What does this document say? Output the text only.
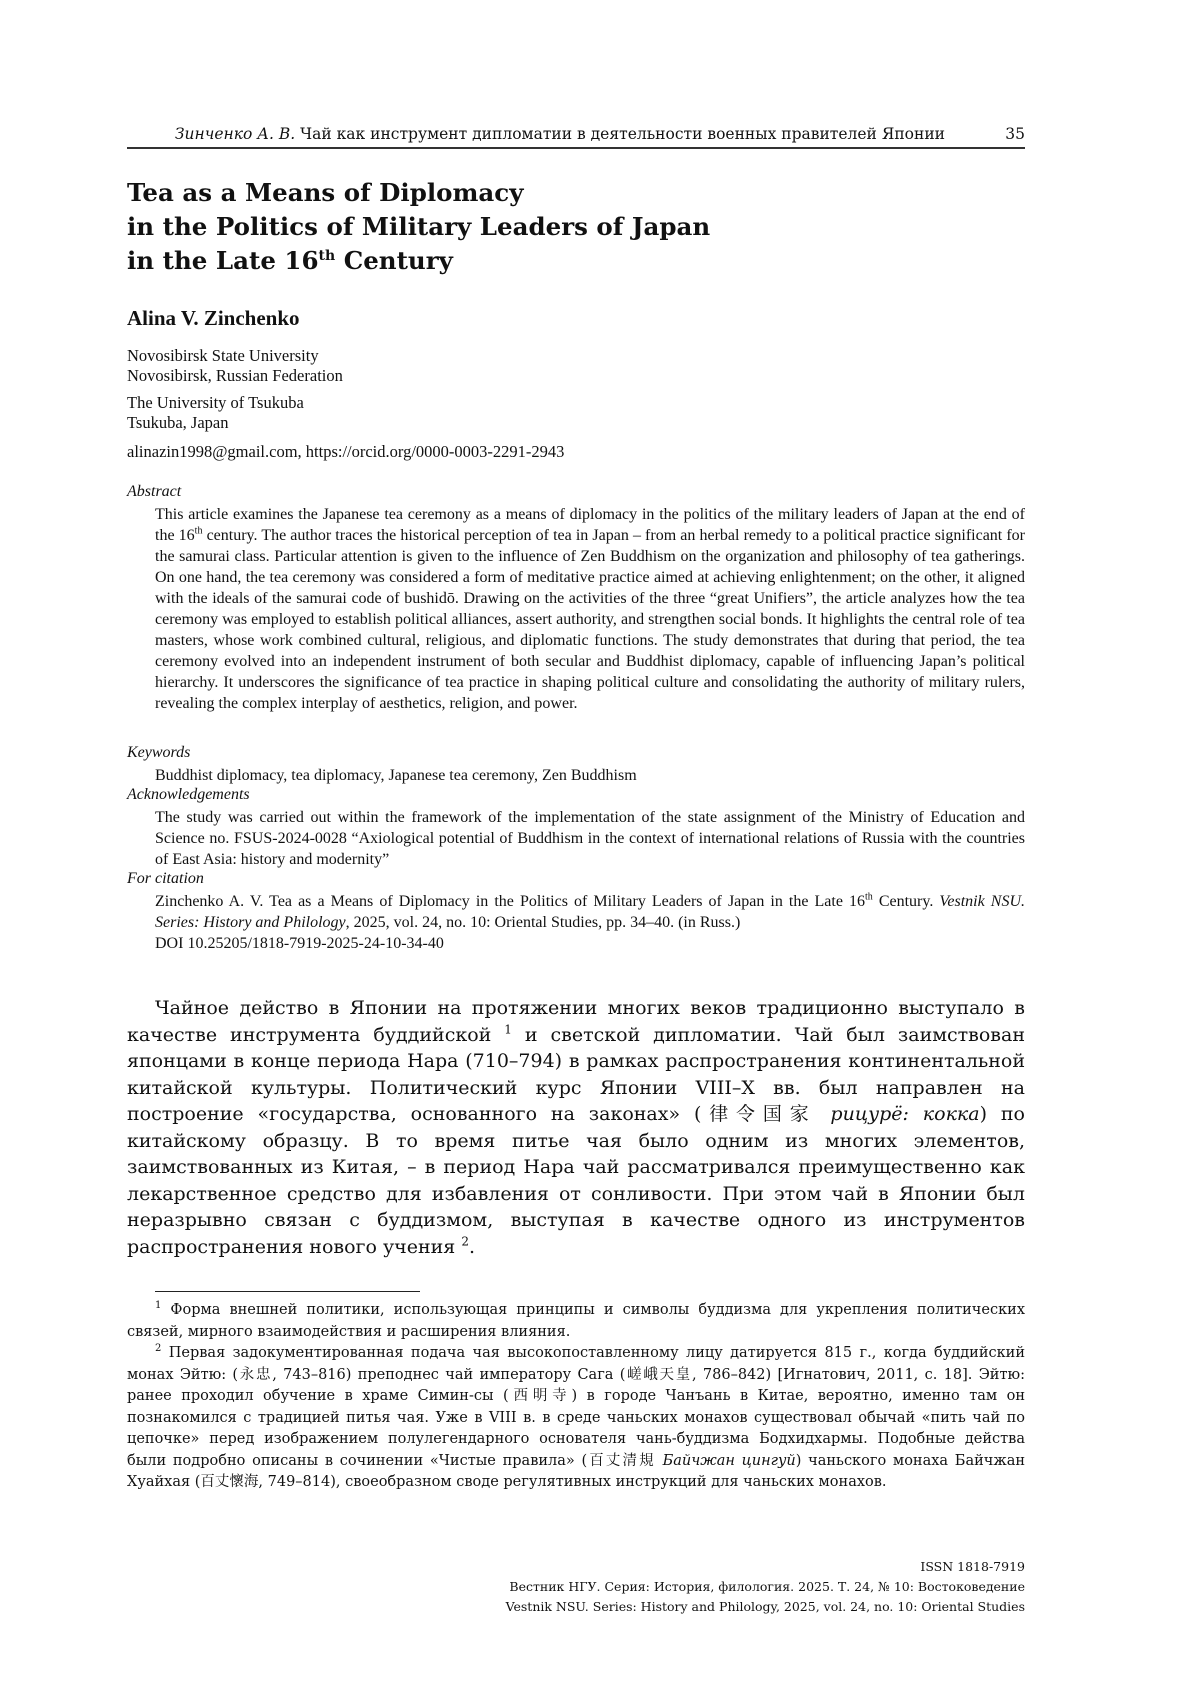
Зинченко А. В. Чай как инструмент дипломатии в деятельности военных правителей Японии	35
Tea as a Means of Diplomacy
in the Politics of Military Leaders of Japan
in the Late 16th Century
Alina V. Zinchenko
Novosibirsk State University
Novosibirsk, Russian Federation
The University of Tsukuba
Tsukuba, Japan
alinazin1998@gmail.com, https://orcid.org/0000-0003-2291-2943
Abstract
This article examines the Japanese tea ceremony as a means of diplomacy in the politics of the military leaders of Japan at the end of the 16th century. The author traces the historical perception of tea in Japan – from an herbal remedy to a political practice significant for the samurai class. Particular attention is given to the influence of Zen Buddhism on the organization and philosophy of tea gatherings. On one hand, the tea ceremony was considered a form of meditative practice aimed at achieving enlightenment; on the other, it aligned with the ideals of the samurai code of bushidō. Drawing on the activities of the three “great Unifiers”, the article analyzes how the tea ceremony was employed to establish political alliances, assert authority, and strengthen social bonds. It highlights the central role of tea masters, whose work combined cultural, religious, and diplomatic functions. The study demonstrates that during that period, the tea ceremony evolved into an independent instrument of both secular and Buddhist diplomacy, capable of influencing Japan’s political hierarchy. It underscores the significance of tea practice in shaping political culture and consolidating the authority of military rulers, revealing the complex interplay of aesthetics, religion, and power.
Keywords
Buddhist diplomacy, tea diplomacy, Japanese tea ceremony, Zen Buddhism
Acknowledgements
The study was carried out within the framework of the implementation of the state assignment of the Ministry of Education and Science no. FSUS-2024-0028 “Axiological potential of Buddhism in the context of international relations of Russia with the countries of East Asia: history and modernity”
For citation
Zinchenko A. V. Tea as a Means of Diplomacy in the Politics of Military Leaders of Japan in the Late 16th Century. Vestnik NSU. Series: History and Philology, 2025, vol. 24, no. 10: Oriental Studies, pp. 34–40. (in Russ.)
DOI 10.25205/1818-7919-2025-24-10-34-40

Чайное действо в Японии на протяжении многих веков традиционно выступало в качестве инструмента буддийской $^1$ и светской дипломатии. Чай был заимствован японцами в конце периода Нара (710–794) в рамках распространения континентальной китайской культуры. Политический курс Японии VIII–X вв. был направлен на построение «государства, основанного на законах» (律令国家 рицурё: кокка) по китайскому образцу. В то время питье чая было одним из многих элементов, заимствованных из Китая, – в период Нара чай рассматривался преимущественно как лекарственное средство для избавления от сонливости. При этом чай в Японии был неразрывно связан с буддизмом, выступая в качестве одного из инструментов распространения нового учения $^2$.

$^1$ Форма внешней политики, использующая принципы и символы буддизма для укрепления политических связей, мирного взаимодействия и расширения влияния.

$^2$ Первая задокументированная подача чая высокопоставленному лицу датируется 815 г., когда буддийский монах Эйтю: (永忠, 743–816) преподнес чай императору Сага (嵯峨天皇, 786–842) [Игнатович, 2011, с. 18]. Эйтю: ранее проходил обучение в храме Симин-сы (西明寺) в городе Чанъань в Китае, вероятно, именно там он познакомился с традицией питья чая. Уже в VIII в. в среде чаньских монахов существовал обычай «пить чай по цепочке» перед изображением полулегендарного основателя чань-буддизма Бодхидхармы. Подобные действа были подробно описаны в сочинении «Чистые правила» (百丈清規 Байчжан цингуй) чаньского монаха Байчжан Хуайхая (百丈懷海, 749–814), своеобразном своде регулятивных инструкций для чаньских монахов.

ISSN 1818-7919
Вестник НГУ. Серия: История, филология. 2025. Т. 24, № 10: Востоковедение
Vestnik NSU. Series: History and Philology, 2025, vol. 24, no. 10: Oriental Studies
